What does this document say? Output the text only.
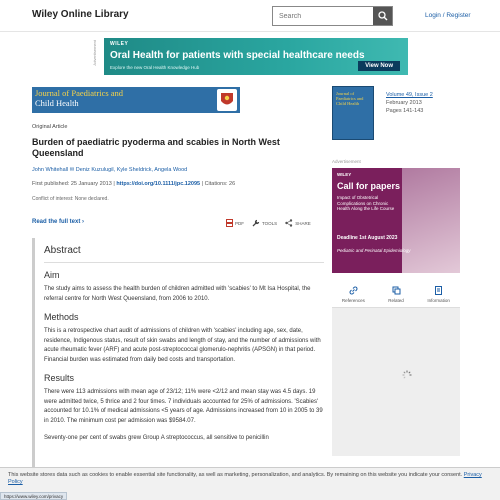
Wiley Online Library
Search	Login / Register
Advertisement	WILEY
Oral Health for patients with special healthcare needs
Explore the new Oral Health Knowledge Hub	View Now
Journal of Paediatrics and
Child Health
Original Article
Burden of paediatric pyoderma and scabies in North West Queensland
John Whitehall ✉ Deniz Kuzulugil, Kyle Sheldrick, Angela Wood
First published: 25 January 2013 | https://doi.org/10.1111/jpc.12095 | Citations: 26
Conflict of interest: None declared.
Read the full text ›	PDF	TOOLS	SHARE
Abstract
Aim
The study aims to assess the health burden of children admitted with 'scabies' to Mt Isa Hospital, the referral centre for North West Queensland, from 2006 to 2010.
Methods
This is a retrospective chart audit of admissions of children with 'scabies' including age, sex, date, residence, Indigenous status, result of skin swabs and length of stay, and the number of admissions with acute rheumatic fever (ARF) and acute post-streptococcal glomerulo-nephritis (APSGN) in that period. Financial burden was estimated from daily bed costs and transportation.
Results
There were 113 admissions with mean age of 23/12; 11% were <2/12 and mean stay was 4.5 days. 19 were admitted twice, 5 thrice and 2 four times. 7 individuals accounted for 25% of admissions. 'Scabies' accounted for 10.1% of medical admissions <5 years of age. Admissions increased from 10 in 2005 to 39 in 2010. The minimum cost per admission was $9584.07.
Seventy-one per cent of swabs grew Group A streptococcus, all sensitive to penicillin
Journal of Paediatrics and
Child Health
Volume 49, Issue 2
February 2013
Pages 141-143
Advertisement
WILEY
Call for papers
Impact of Obstetrical Complications on Chronic Health Along the Life Course
Deadline 1st August 2023
Pediatric and Perinatal Epidemiology
References	Related	Information

This website stores data such as cookies to enable essential site functionality, as well as marketing, personalization, and analytics. By remaining on this website you indicate your consent. Privacy Policy

https://www.wiley.com/privacy
